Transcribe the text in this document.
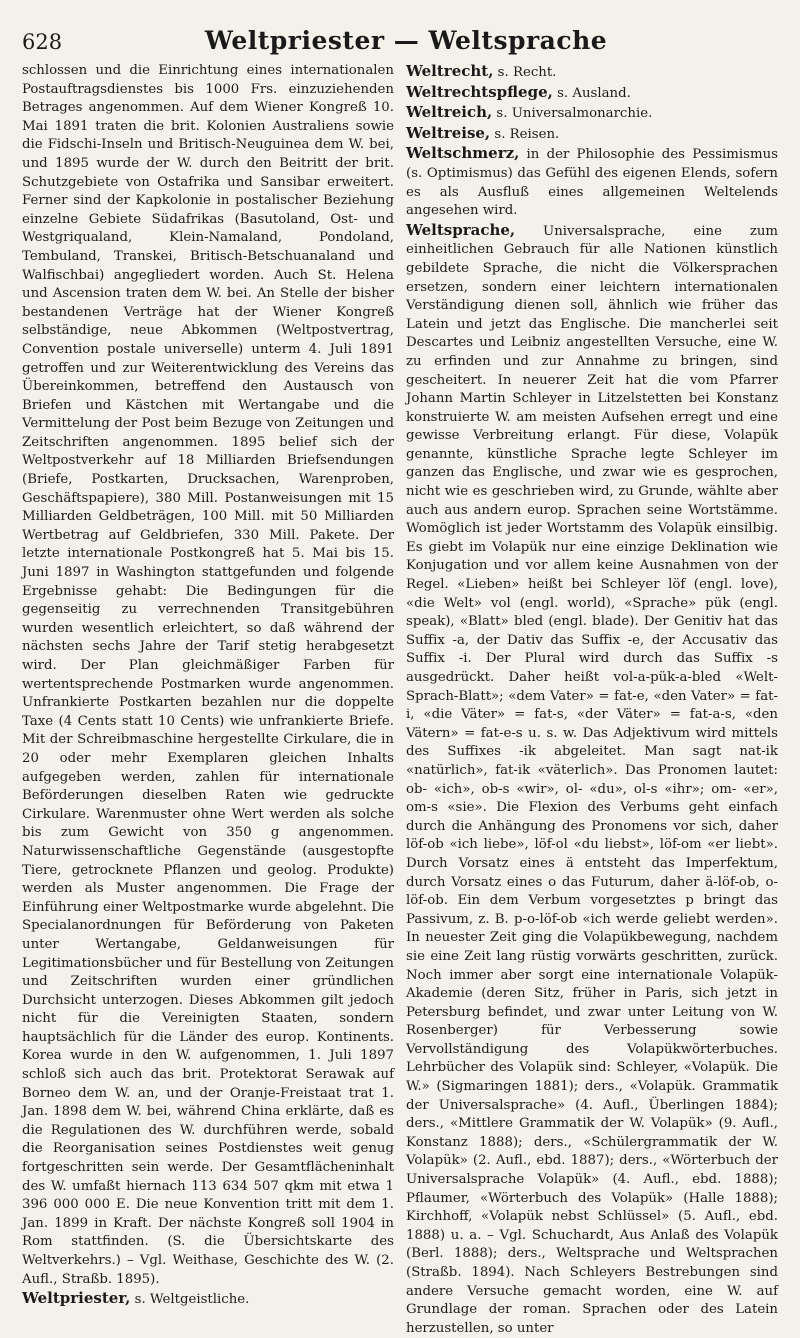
628	Weltpriester — Weltsprache

schlossen und die Einrichtung eines internationalen Postauftragsdienstes bis 1000 Frs. einzuziehenden Betrages angenommen. Auf dem Wiener Kongreß 10. Mai 1891 traten die brit. Kolonien Australiens sowie die Fidschi-Inseln und Britisch-Neuguinea dem W. bei, und 1895 wurde der W. durch den Beitritt der brit. Schutzgebiete von Ostafrika und Sansibar erweitert. Ferner sind der Kapkolonie in postalischer Beziehung einzelne Gebiete Südafrikas (Basutoland, Ost- und Westgriqualand, Klein-Namaland, Pondoland, Tembuland, Transkei, Britisch-Betschuanaland und Walfischbai) angegliedert worden. Auch St. Helena und Ascension traten dem W. bei. An Stelle der bisher bestandenen Verträge hat der Wiener Kongreß selbständige, neue Abkommen (Weltpostvertrag, Convention postale universelle) unterm 4. Juli 1891 getroffen und zur Weiterentwicklung des Vereins das Übereinkommen, betreffend den Austausch von Briefen und Kästchen mit Wertangabe und die Vermittelung der Post beim Bezuge von Zeitungen und Zeitschriften angenommen. 1895 belief sich der Weltpostverkehr auf 18 Milliarden Briefsendungen (Briefe, Postkarten, Drucksachen, Warenproben, Geschäftspapiere), 380 Mill. Postanweisungen mit 15 Milliarden Geldbeträgen, 100 Mill. mit 50 Milliarden Wertbetrag auf Geldbriefen, 330 Mill. Pakete. Der letzte internationale Postkongreß hat 5. Mai bis 15. Juni 1897 in Washington stattgefunden und folgende Ergebnisse gehabt: Die Bedingungen für die gegenseitig zu verrechnenden Transitgebühren wurden wesentlich erleichtert, so daß während der nächsten sechs Jahre der Tarif stetig herabgesetzt wird. Der Plan gleichmäßiger Farben für wertentsprechende Postmarken wurde angenommen. Unfrankierte Postkarten bezahlen nur die doppelte Taxe (4 Cents statt 10 Cents) wie unfrankierte Briefe. Mit der Schreibmaschine hergestellte Cirkulare, die in 20 oder mehr Exemplaren gleichen Inhalts aufgegeben werden, zahlen für internationale Beförderungen dieselben Raten wie gedruckte Cirkulare. Warenmuster ohne Wert werden als solche bis zum Gewicht von 350 g angenommen. Naturwissenschaftliche Gegenstände (ausgestopfte Tiere, getrocknete Pflanzen und geolog. Produkte) werden als Muster angenommen. Die Frage der Einführung einer Weltpostmarke wurde abgelehnt. Die Specialanordnungen für Beförderung von Paketen unter Wertangabe, Geldanweisungen für Legitimationsbücher und für Bestellung von Zeitungen und Zeitschriften wurden einer gründlichen Durchsicht unterzogen. Dieses Abkommen gilt jedoch nicht für die Vereinigten Staaten, sondern hauptsächlich für die Länder des europ. Kontinents. Korea wurde in den W. aufgenommen, 1. Juli 1897 schloß sich auch das brit. Protektorat Serawak auf Borneo dem W. an, und der Oranje-Freistaat trat 1. Jan. 1898 dem W. bei, während China erklärte, daß es die Regulationen des W. durchführen werde, sobald die Reorganisation seines Postdienstes weit genug fortgeschritten sein werde. Der Gesamtflächeninhalt des W. umfaßt hiernach 113 634 507 qkm mit etwa 1 396 000 000 E. Die neue Konvention tritt mit dem 1. Jan. 1899 in Kraft. Der nächste Kongreß soll 1904 in Rom stattfinden. (S. die Übersichtskarte des Weltverkehrs.) – Vgl. Weithase, Geschichte des W. (2. Aufl., Straßb. 1895).

Weltpriester, s. Weltgeistliche.

Weltrecht, s. Recht.

Weltrechtspflege, s. Ausland.

Weltreich, s. Universalmonarchie.

Weltreise, s. Reisen.

Weltschmerz, in der Philosophie des Pessimismus (s. Optimismus) das Gefühl des eigenen Elends, sofern es als Ausfluß eines allgemeinen Weltelends angesehen wird.

Weltsprache, Universalsprache, eine zum einheitlichen Gebrauch für alle Nationen künstlich gebildete Sprache, die nicht die Völkersprachen ersetzen, sondern einer leichtern internationalen Verständigung dienen soll, ähnlich wie früher das Latein und jetzt das Englische. Die mancherlei seit Descartes und Leibniz angestellten Versuche, eine W. zu erfinden und zur Annahme zu bringen, sind gescheitert. In neuerer Zeit hat die vom Pfarrer Johann Martin Schleyer in Litzelstetten bei Konstanz konstruierte W. am meisten Aufsehen erregt und eine gewisse Verbreitung erlangt. Für diese, Volapük genannte, künstliche Sprache legte Schleyer im ganzen das Englische, und zwar wie es gesprochen, nicht wie es geschrieben wird, zu Grunde, wählte aber auch aus andern europ. Sprachen seine Wortstämme. Womöglich ist jeder Wortstamm des Volapük einsilbig. Es giebt im Volapük nur eine einzige Deklination wie Konjugation und vor allem keine Ausnahmen von der Regel. «Lieben» heißt bei Schleyer löf (engl. love), «die Welt» vol (engl. world), «Sprache» pük (engl. speak), «Blatt» bled (engl. blade). Der Genitiv hat das Suffix -a, der Dativ das Suffix -e, der Accusativ das Suffix -i. Der Plural wird durch das Suffix -s ausgedrückt. Daher heißt vol-a-pük-a-bled «Welt-Sprach-Blatt»; «dem Vater» = fat-e, «den Vater» = fat-i, «die Väter» = fat-s, «der Väter» = fat-a-s, «den Vätern» = fat-e-s u. s. w. Das Adjektivum wird mittels des Suffixes -ik abgeleitet. Man sagt nat-ik «natürlich», fat-ik «väterlich». Das Pronomen lautet: ob- «ich», ob-s «wir», ol- «du», ol-s «ihr»; om- «er», om-s «sie». Die Flexion des Verbums geht einfach durch die Anhängung des Pronomens vor sich, daher löf-ob «ich liebe», löf-ol «du liebst», löf-om «er liebt». Durch Vorsatz eines ä entsteht das Imperfektum, durch Vorsatz eines o das Futurum, daher ä-löf-ob, o-löf-ob. Ein dem Verbum vorgesetztes p bringt das Passivum, z. B. p-o-löf-ob «ich werde geliebt werden». In neuester Zeit ging die Volapükbewegung, nachdem sie eine Zeit lang rüstig vorwärts geschritten, zurück. Noch immer aber sorgt eine internationale Volapük-Akademie (deren Sitz, früher in Paris, sich jetzt in Petersburg befindet, und zwar unter Leitung von W. Rosenberger) für Verbesserung sowie Vervollständigung des Volapükwörterbuches. Lehrbücher des Volapük sind: Schleyer, «Volapük. Die W.» (Sigmaringen 1881); ders., «Volapük. Grammatik der Universalsprache» (4. Aufl., Überlingen 1884); ders., «Mittlere Grammatik der W. Volapük» (9. Aufl., Konstanz 1888); ders., «Schülergrammatik der W. Volapük» (2. Aufl., ebd. 1887); ders., «Wörterbuch der Universalsprache Volapük» (4. Aufl., ebd. 1888); Pflaumer, «Wörterbuch des Volapük» (Halle 1888); Kirchhoff, «Volapük nebst Schlüssel» (5. Aufl., ebd. 1888) u. a. – Vgl. Schuchardt, Aus Anlaß des Volapük (Berl. 1888); ders., Weltsprache und Weltsprachen (Straßb. 1894). Nach Schleyers Bestrebungen sind andere Versuche gemacht worden, eine W. auf Grundlage der roman. Sprachen oder des Latein herzustellen, so unter
